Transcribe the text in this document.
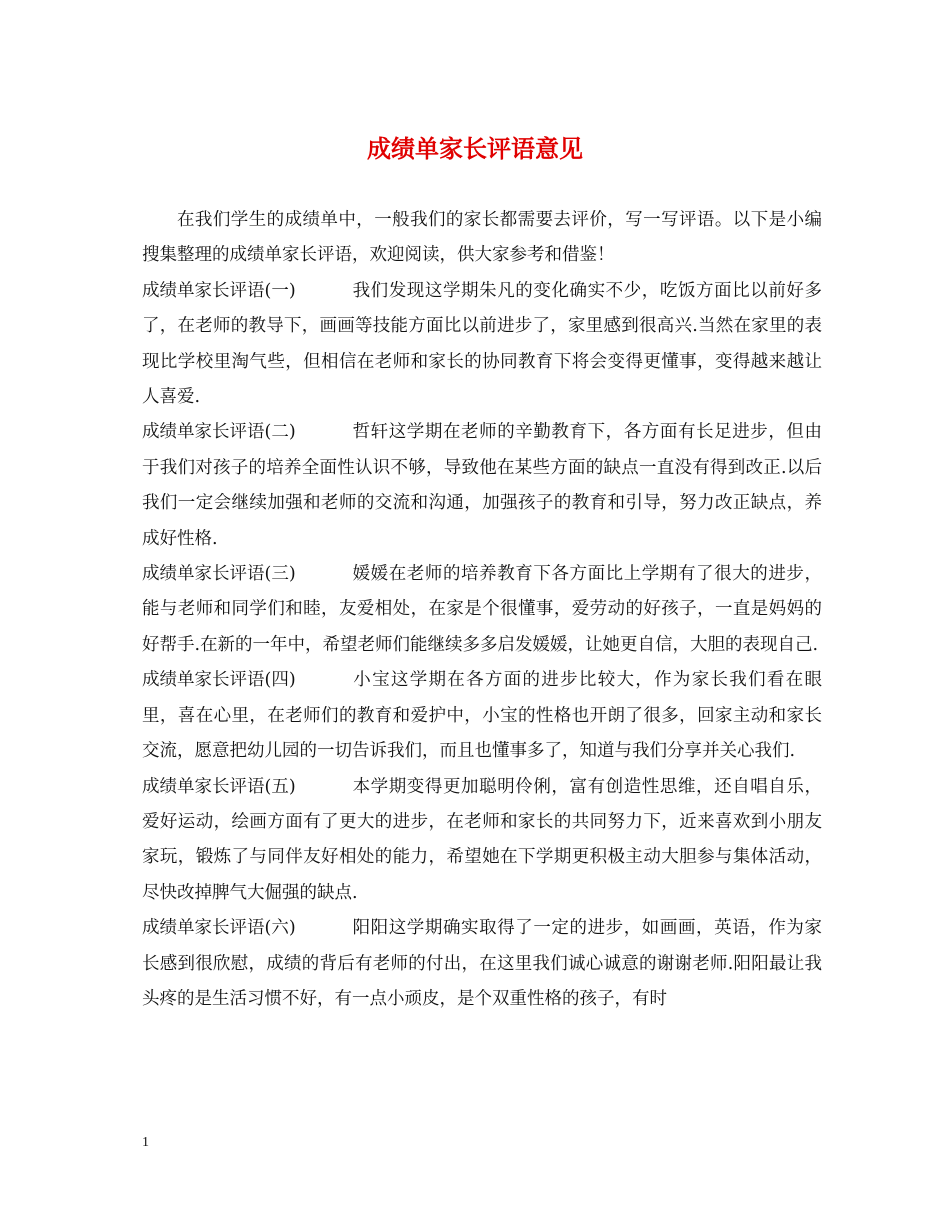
成绩单家长评语意见

在我们学生的成绩单中，一般我们的家长都需要去评价，写一写评语。以下是小编搜集整理的成绩单家长评语，欢迎阅读，供大家参考和借鉴！

成绩单家长评语(一)	我们发现这学期朱凡的变化确实不少，吃饭方面比以前好多了，在老师的教导下，画画等技能方面比以前进步了，家里感到很高兴.当然在家里的表现比学校里淘气些，但相信在老师和家长的协同教育下将会变得更懂事，变得越来越让人喜爱.

成绩单家长评语(二)	哲轩这学期在老师的辛勤教育下，各方面有长足进步，但由于我们对孩子的培养全面性认识不够，导致他在某些方面的缺点一直没有得到改正.以后我们一定会继续加强和老师的交流和沟通，加强孩子的教育和引导，努力改正缺点，养成好性格.

成绩单家长评语(三)	媛媛在老师的培养教育下各方面比上学期有了很大的进步，能与老师和同学们和睦，友爱相处，在家是个很懂事，爱劳动的好孩子，一直是妈妈的好帮手.在新的一年中，希望老师们能继续多多启发媛媛，让她更自信，大胆的表现自己.

成绩单家长评语(四)	小宝这学期在各方面的进步比较大，作为家长我们看在眼里，喜在心里，在老师们的教育和爱护中，小宝的性格也开朗了很多，回家主动和家长交流，愿意把幼儿园的一切告诉我们，而且也懂事多了，知道与我们分享并关心我们.

成绩单家长评语(五)	本学期变得更加聪明伶俐，富有创造性思维，还自唱自乐，爱好运动，绘画方面有了更大的进步，在老师和家长的共同努力下，近来喜欢到小朋友家玩，锻炼了与同伴友好相处的能力，希望她在下学期更积极主动大胆参与集体活动，尽快改掉脾气大倔强的缺点.

成绩单家长评语(六)	阳阳这学期确实取得了一定的进步，如画画，英语，作为家长感到很欣慰，成绩的背后有老师的付出，在这里我们诚心诚意的谢谢老师.阳阳最让我头疼的是生活习惯不好，有一点小顽皮，是个双重性格的孩子，有时

1
